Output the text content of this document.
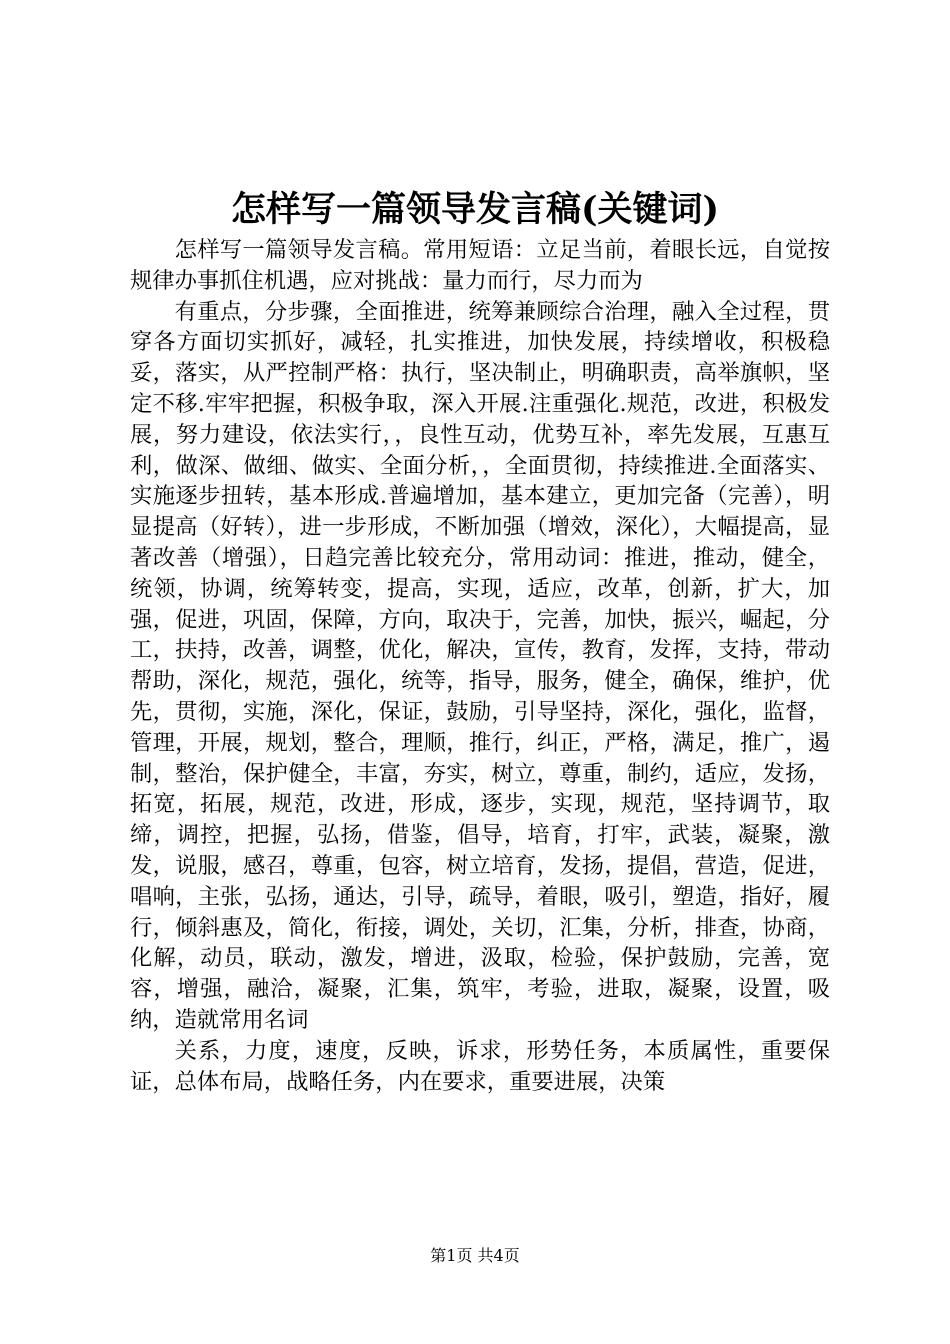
怎样写一篇领导发言稿(关键词)

怎样写一篇领导发言稿。常用短语：立足当前，着眼长远，自觉按规律办事抓住机遇，应对挑战：量力而行，尽力而为

有重点，分步骤，全面推进，统筹兼顾综合治理，融入全过程，贯穿各方面切实抓好，减轻，扎实推进，加快发展，持续增收，积极稳妥，落实，从严控制严格：执行，坚决制止，明确职责，高举旗帜，坚定不移.牢牢把握，积极争取，深入开展.注重强化.规范，改进，积极发展，努力建设，依法实行，，良性互动，优势互补，率先发展，互惠互利，做深、做细、做实、全面分析，，全面贯彻，持续推进.全面落实、实施逐步扭转，基本形成.普遍增加，基本建立，更加完备（完善），明显提高（好转），进一步形成，不断加强（增效，深化），大幅提高，显著改善（增强），日趋完善比较充分，常用动词：推进，推动，健全，统领，协调，统筹转变，提高，实现，适应，改革，创新，扩大，加强，促进，巩固，保障，方向，取决于，完善，加快，振兴，崛起，分工，扶持，改善，调整，优化，解决，宣传，教育，发挥，支持，带动帮助，深化，规范，强化，统等，指导，服务，健全，确保，维护，优先，贯彻，实施，深化，保证，鼓励，引导坚持，深化，强化，监督，管理，开展，规划，整合，理顺，推行，纠正，严格，满足，推广，遏制，整治，保护健全，丰富，夯实，树立，尊重，制约，适应，发扬，拓宽，拓展，规范，改进，形成，逐步，实现，规范，坚持调节，取缔，调控，把握，弘扬，借鉴，倡导，培育，打牢，武装，凝聚，激发，说服，感召，尊重，包容，树立培育，发扬，提倡，营造，促进，唱响，主张，弘扬，通达，引导，疏导，着眼，吸引，塑造，指好，履行，倾斜惠及，简化，衔接，调处，关切，汇集，分析，排查，协商，化解，动员，联动，激发，增进，汲取，检验，保护鼓励，完善，宽容，增强，融洽，凝聚，汇集，筑牢，考验，进取，凝聚，设置，吸纳，造就常用名词

关系，力度，速度，反映，诉求，形势任务，本质属性，重要保证，总体布局，战略任务，内在要求，重要进展，决策

第1页 共4页
